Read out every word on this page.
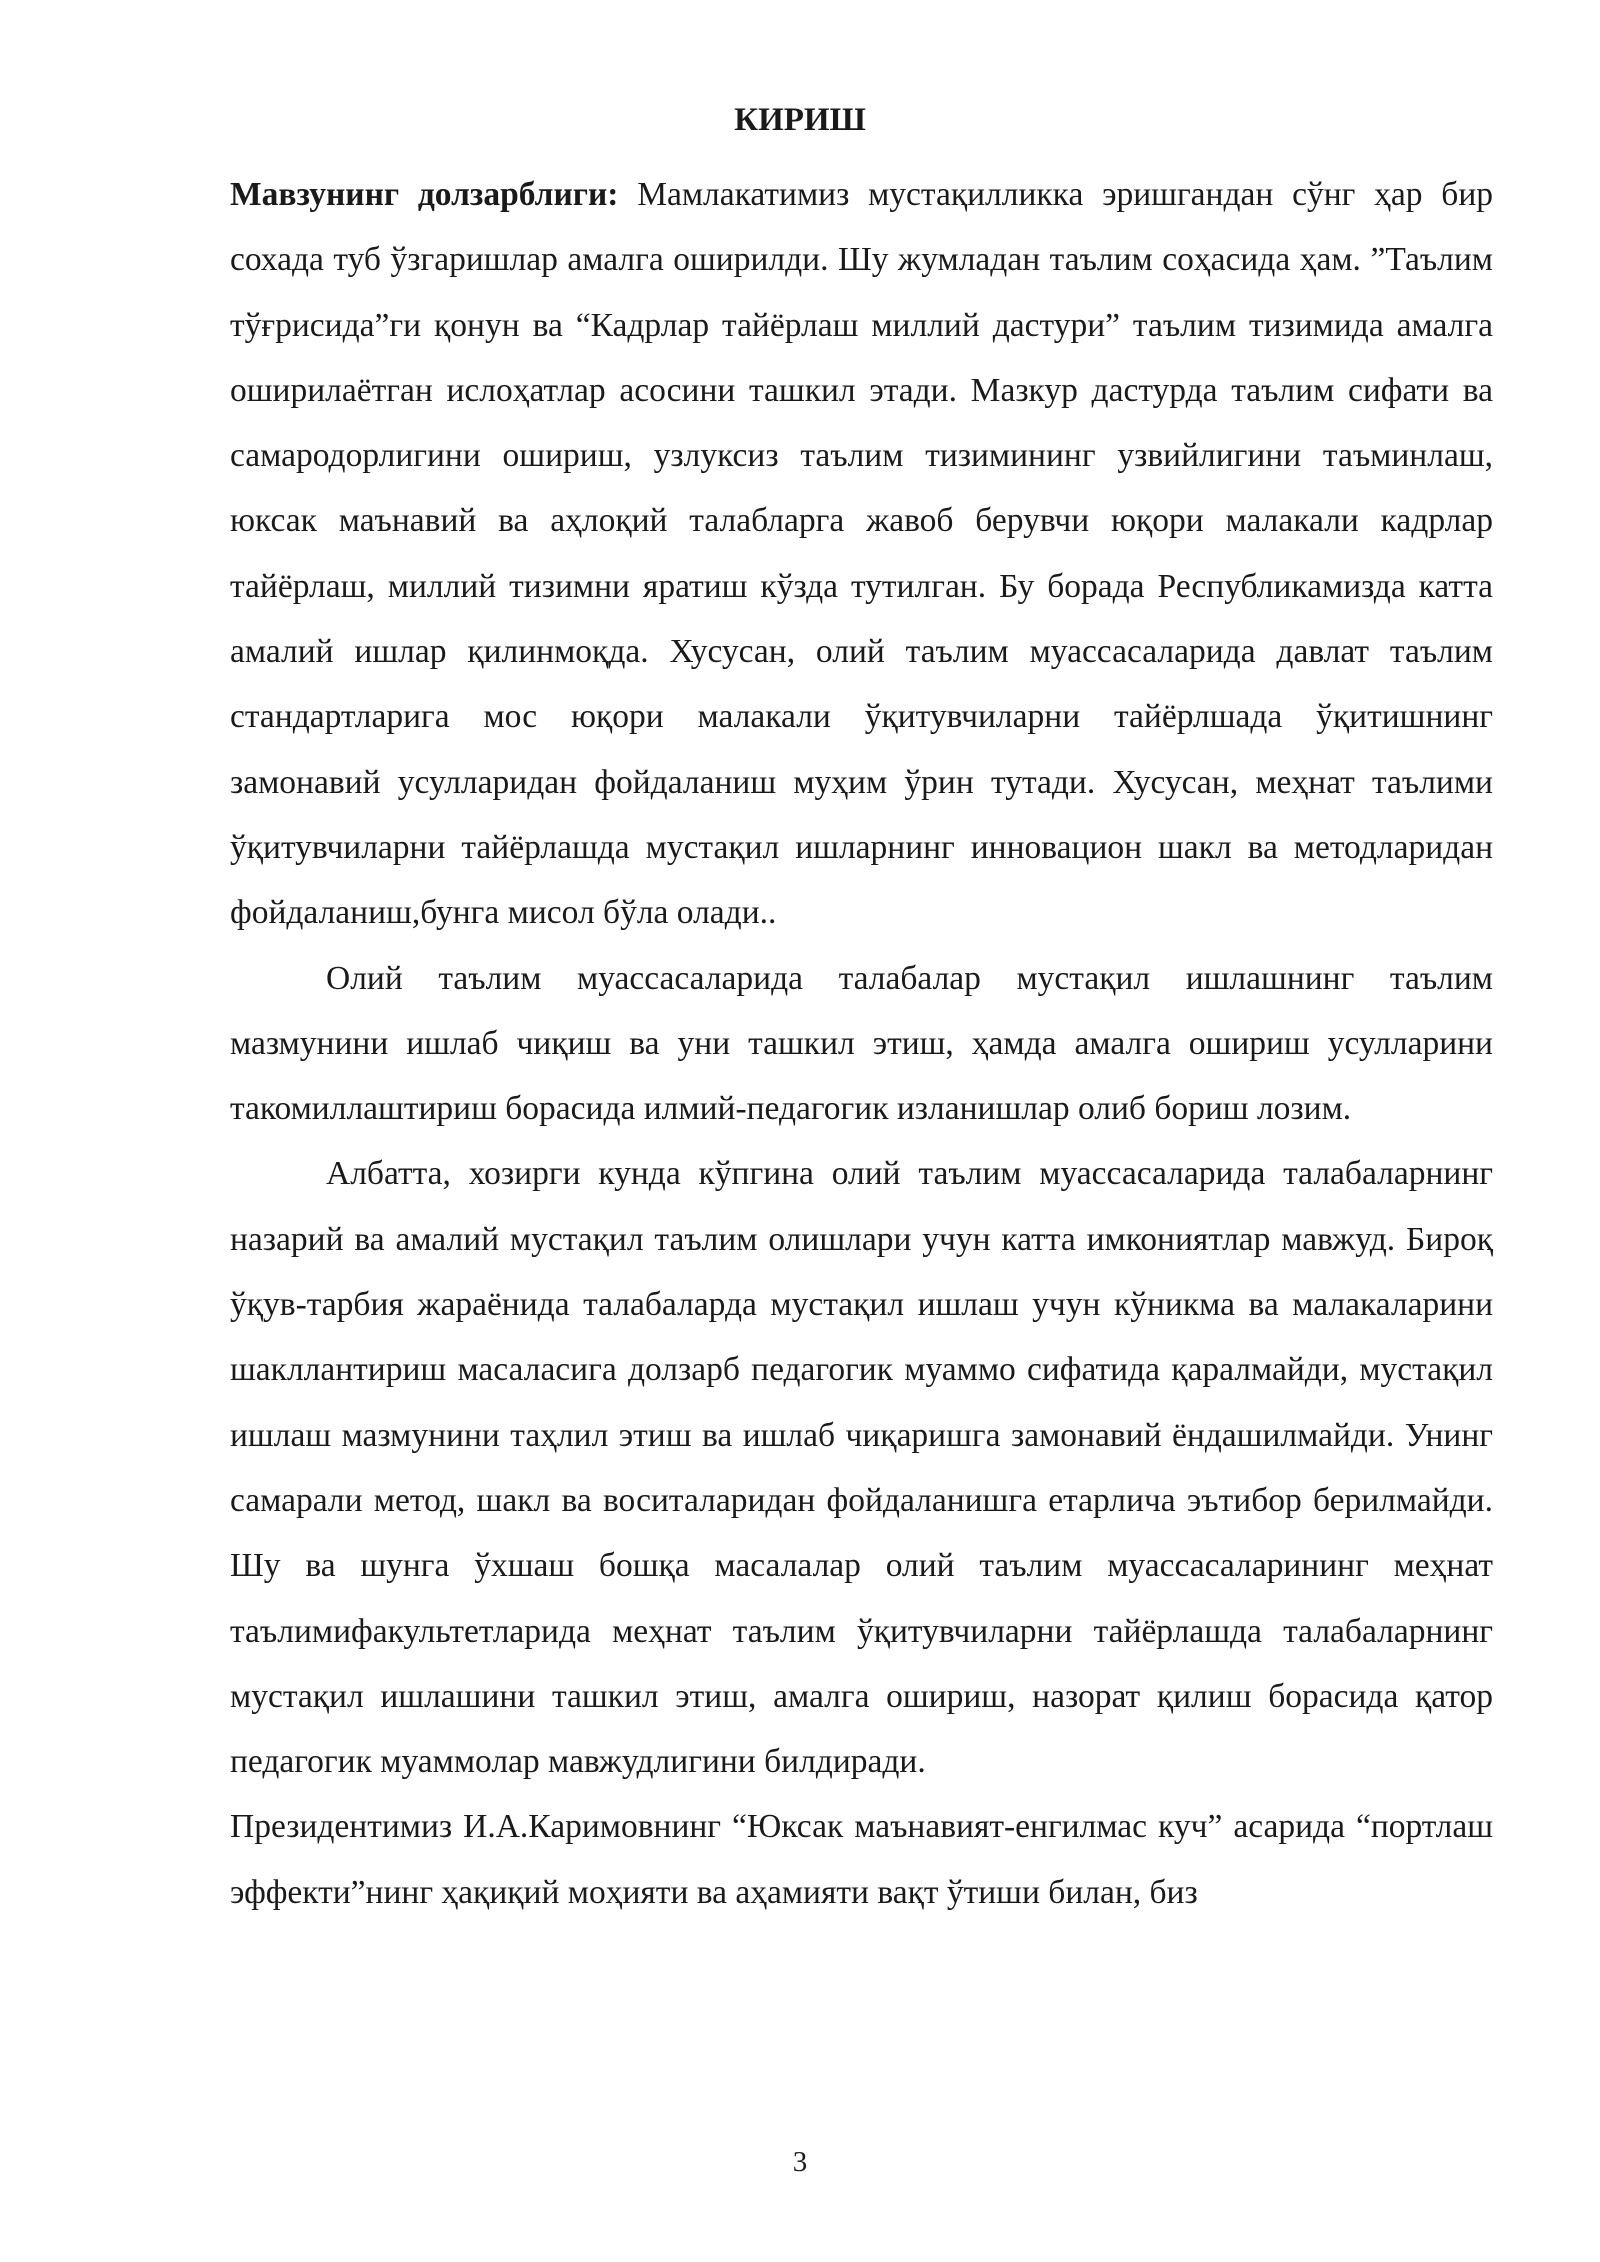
КИРИШ

Мавзунинг долзарблиги: Мамлакатимиз мустақилликка эришгандан сўнг ҳар бир сохада туб ўзгаришлар амалга оширилди. Шу жумладан таълим соҳасида ҳам. ”Таълим тўғрисида”ги қонун ва “Кадрлар тайёрлаш миллий дастури” таълим тизимида амалга оширилаётган ислоҳатлар асосини ташкил этади. Мазкур дастурда таълим сифати ва самародорлигини ошириш, узлуксиз таълим тизимининг узвийлигини таъминлаш, юксак маънавий ва аҳлоқий талабларга жавоб берувчи юқори малакали кадрлар тайёрлаш, миллий тизимни яратиш кўзда тутилган. Бу борада Республикамизда катта амалий ишлар қилинмоқда. Хусусан, олий таълим муассасаларида давлат таълим стандартларига мос юқори малакали ўқитувчиларни тайёрлшада ўқитишнинг замонавий усулларидан фойдаланиш муҳим ўрин тутади. Хусусан, меҳнат таълими ўқитувчиларни тайёрлашда мустақил ишларнинг инновацион шакл ва методларидан фойдаланиш,бунга мисол бўла олади..

Олий таълим муассасаларида талабалар мустақил ишлашнинг таълим мазмунини ишлаб чиқиш ва уни ташкил этиш, ҳамда амалга ошириш усулларини такомиллаштириш борасида илмий-педагогик изланишлар олиб бориш лозим.

Албатта, хозирги кунда кўпгина олий таълим муассасаларида талабаларнинг назарий ва амалий мустақил таълим олишлари учун катта имкониятлар мавжуд. Бироқ ўқув-тарбия жараёнида талабаларда мустақил ишлаш учун кўникма ва малакаларини шакллантириш масаласига долзарб педагогик муаммо сифатида қаралмайди, мустақил ишлаш мазмунини таҳлил этиш ва ишлаб чиқаришга замонавий ёндашилмайди. Унинг самарали метод, шакл ва воситаларидан фойдаланишга етарлича эътибор берилмайди. Шу ва шунга ўхшаш бошқа масалалар олий таълим муассасаларининг меҳнат таълимифакультетларида меҳнат таълим ўқитувчиларни тайёрлашда талабаларнинг мустақил ишлашини ташкил этиш, амалга ошириш, назорат қилиш борасида қатор педагогик муаммолар мавжудлигини билдиради.

Президентимиз И.А.Каримовнинг “Юксак маънавият-енгилмас куч” асарида “портлаш эффекти”нинг ҳақиқий моҳияти ва аҳамияти вақт ўтиши билан, биз

3
